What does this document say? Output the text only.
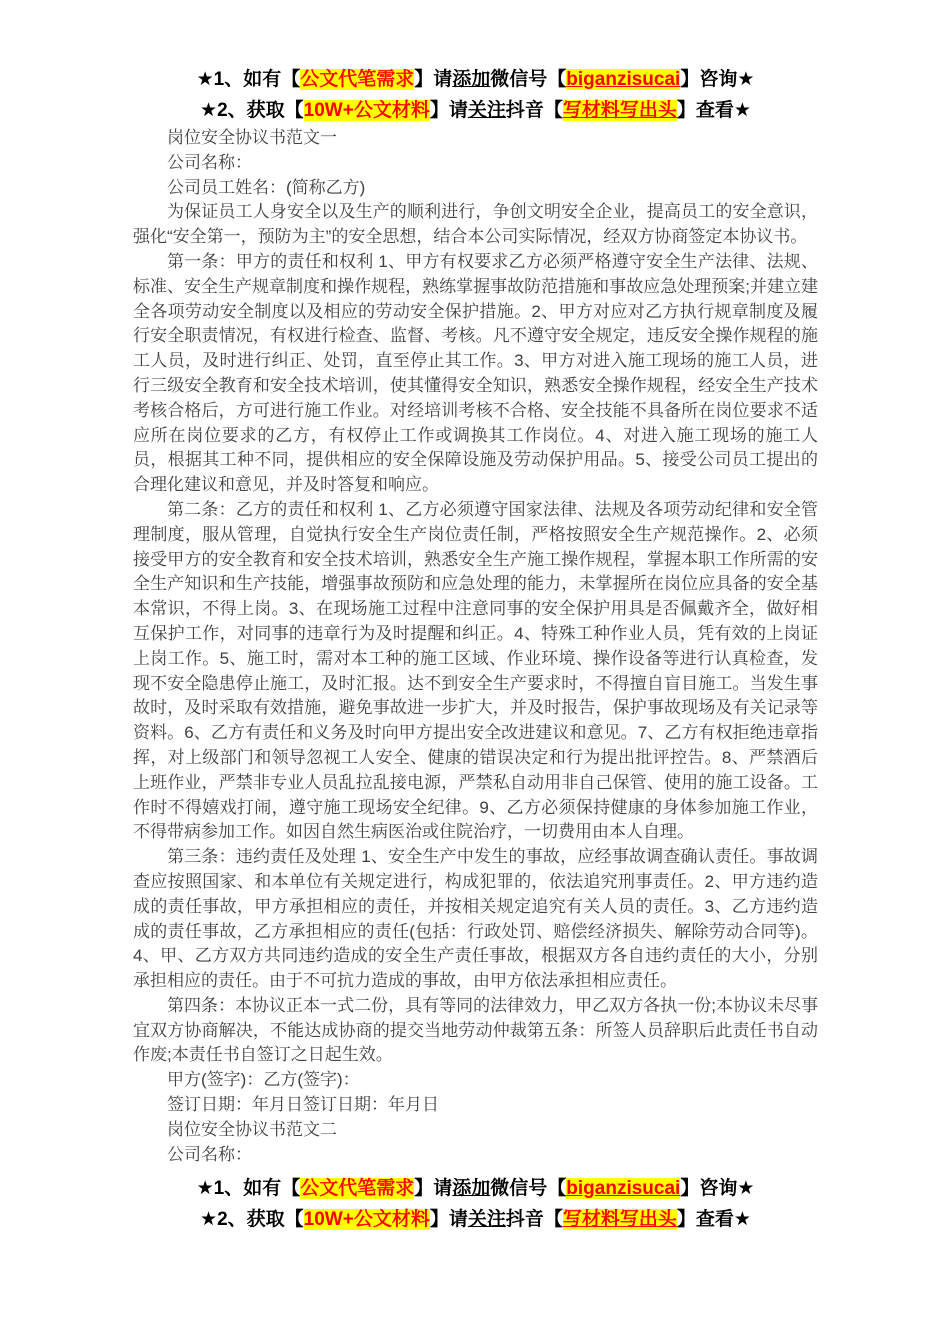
★1、如有【公文代笔需求】请添加微信号【biganzisucai】咨询★
★2、获取【10W+公文材料】请关注抖音【写材料写出头】查看★

岗位安全协议书范文一

公司名称：

公司员工姓名：(简称乙方)

为保证员工人身安全以及生产的顺利进行，争创文明安全企业，提高员工的安全意识，强化“安全第一，预防为主”的安全思想，结合本公司实际情况，经双方协商签定本协议书。

第一条：甲方的责任和权利 1、甲方有权要求乙方必须严格遵守安全生产法律、法规、标准、安全生产规章制度和操作规程，熟练掌握事故防范措施和事故应急处理预案;并建立建全各项劳动安全制度以及相应的劳动安全保护措施。2、甲方对应对乙方执行规章制度及履行安全职责情况，有权进行检查、监督、考核。凡不遵守安全规定，违反安全操作规程的施工人员，及时进行纠正、处罚，直至停止其工作。3、甲方对进入施工现场的施工人员，进行三级安全教育和安全技术培训，使其懂得安全知识，熟悉安全操作规程，经安全生产技术考核合格后，方可进行施工作业。对经培训考核不合格、安全技能不具备所在岗位要求不适应所在岗位要求的乙方，有权停止工作或调换其工作岗位。4、对进入施工现场的施工人员，根据其工种不同，提供相应的安全保障设施及劳动保护用品。5、接受公司员工提出的合理化建议和意见，并及时答复和响应。

第二条：乙方的责任和权利 1、乙方必须遵守国家法律、法规及各项劳动纪律和安全管理制度，服从管理，自觉执行安全生产岗位责任制，严格按照安全生产规范操作。2、必须接受甲方的安全教育和安全技术培训，熟悉安全生产施工操作规程，掌握本职工作所需的安全生产知识和生产技能，增强事故预防和应急处理的能力，未掌握所在岗位应具备的安全基本常识，不得上岗。3、在现场施工过程中注意同事的安全保护用具是否佩戴齐全，做好相互保护工作，对同事的违章行为及时提醒和纠正。4、特殊工种作业人员，凭有效的上岗证上岗工作。5、施工时，需对本工种的施工区域、作业环境、操作设备等进行认真检查，发现不安全隐患停止施工，及时汇报。达不到安全生产要求时，不得擅自盲目施工。当发生事故时，及时采取有效措施，避免事故进一步扩大，并及时报告，保护事故现场及有关记录等资料。6、乙方有责任和义务及时向甲方提出安全改进建议和意见。7、乙方有权拒绝违章指挥，对上级部门和领导忽视工人安全、健康的错误决定和行为提出批评控告。8、严禁酒后上班作业，严禁非专业人员乱拉乱接电源，严禁私自动用非自己保管、使用的施工设备。工作时不得嬉戏打闹，遵守施工现场安全纪律。9、乙方必须保持健康的身体参加施工作业，不得带病参加工作。如因自然生病医治或住院治疗，一切费用由本人自理。

第三条：违约责任及处理 1、安全生产中发生的事故，应经事故调查确认责任。事故调查应按照国家、和本单位有关规定进行，构成犯罪的，依法追究刑事责任。2、甲方违约造成的责任事故，甲方承担相应的责任，并按相关规定追究有关人员的责任。3、乙方违约造成的责任事故，乙方承担相应的责任(包括：行政处罚、赔偿经济损失、解除劳动合同等)。4、甲、乙方双方共同违约造成的安全生产责任事故，根据双方各自违约责任的大小，分别承担相应的责任。由于不可抗力造成的事故，由甲方依法承担相应责任。

第四条：本协议正本一式二份，具有等同的法律效力，甲乙双方各执一份;本协议未尽事宜双方协商解决，不能达成协商的提交当地劳动仲裁第五条：所签人员辞职后此责任书自动作废;本责任书自签订之日起生效。

甲方(签字)：乙方(签字)：

签订日期：年月日签订日期：年月日

岗位安全协议书范文二

公司名称：

★1、如有【公文代笔需求】请添加微信号【biganzisucai】咨询★
★2、获取【10W+公文材料】请关注抖音【写材料写出头】查看★
